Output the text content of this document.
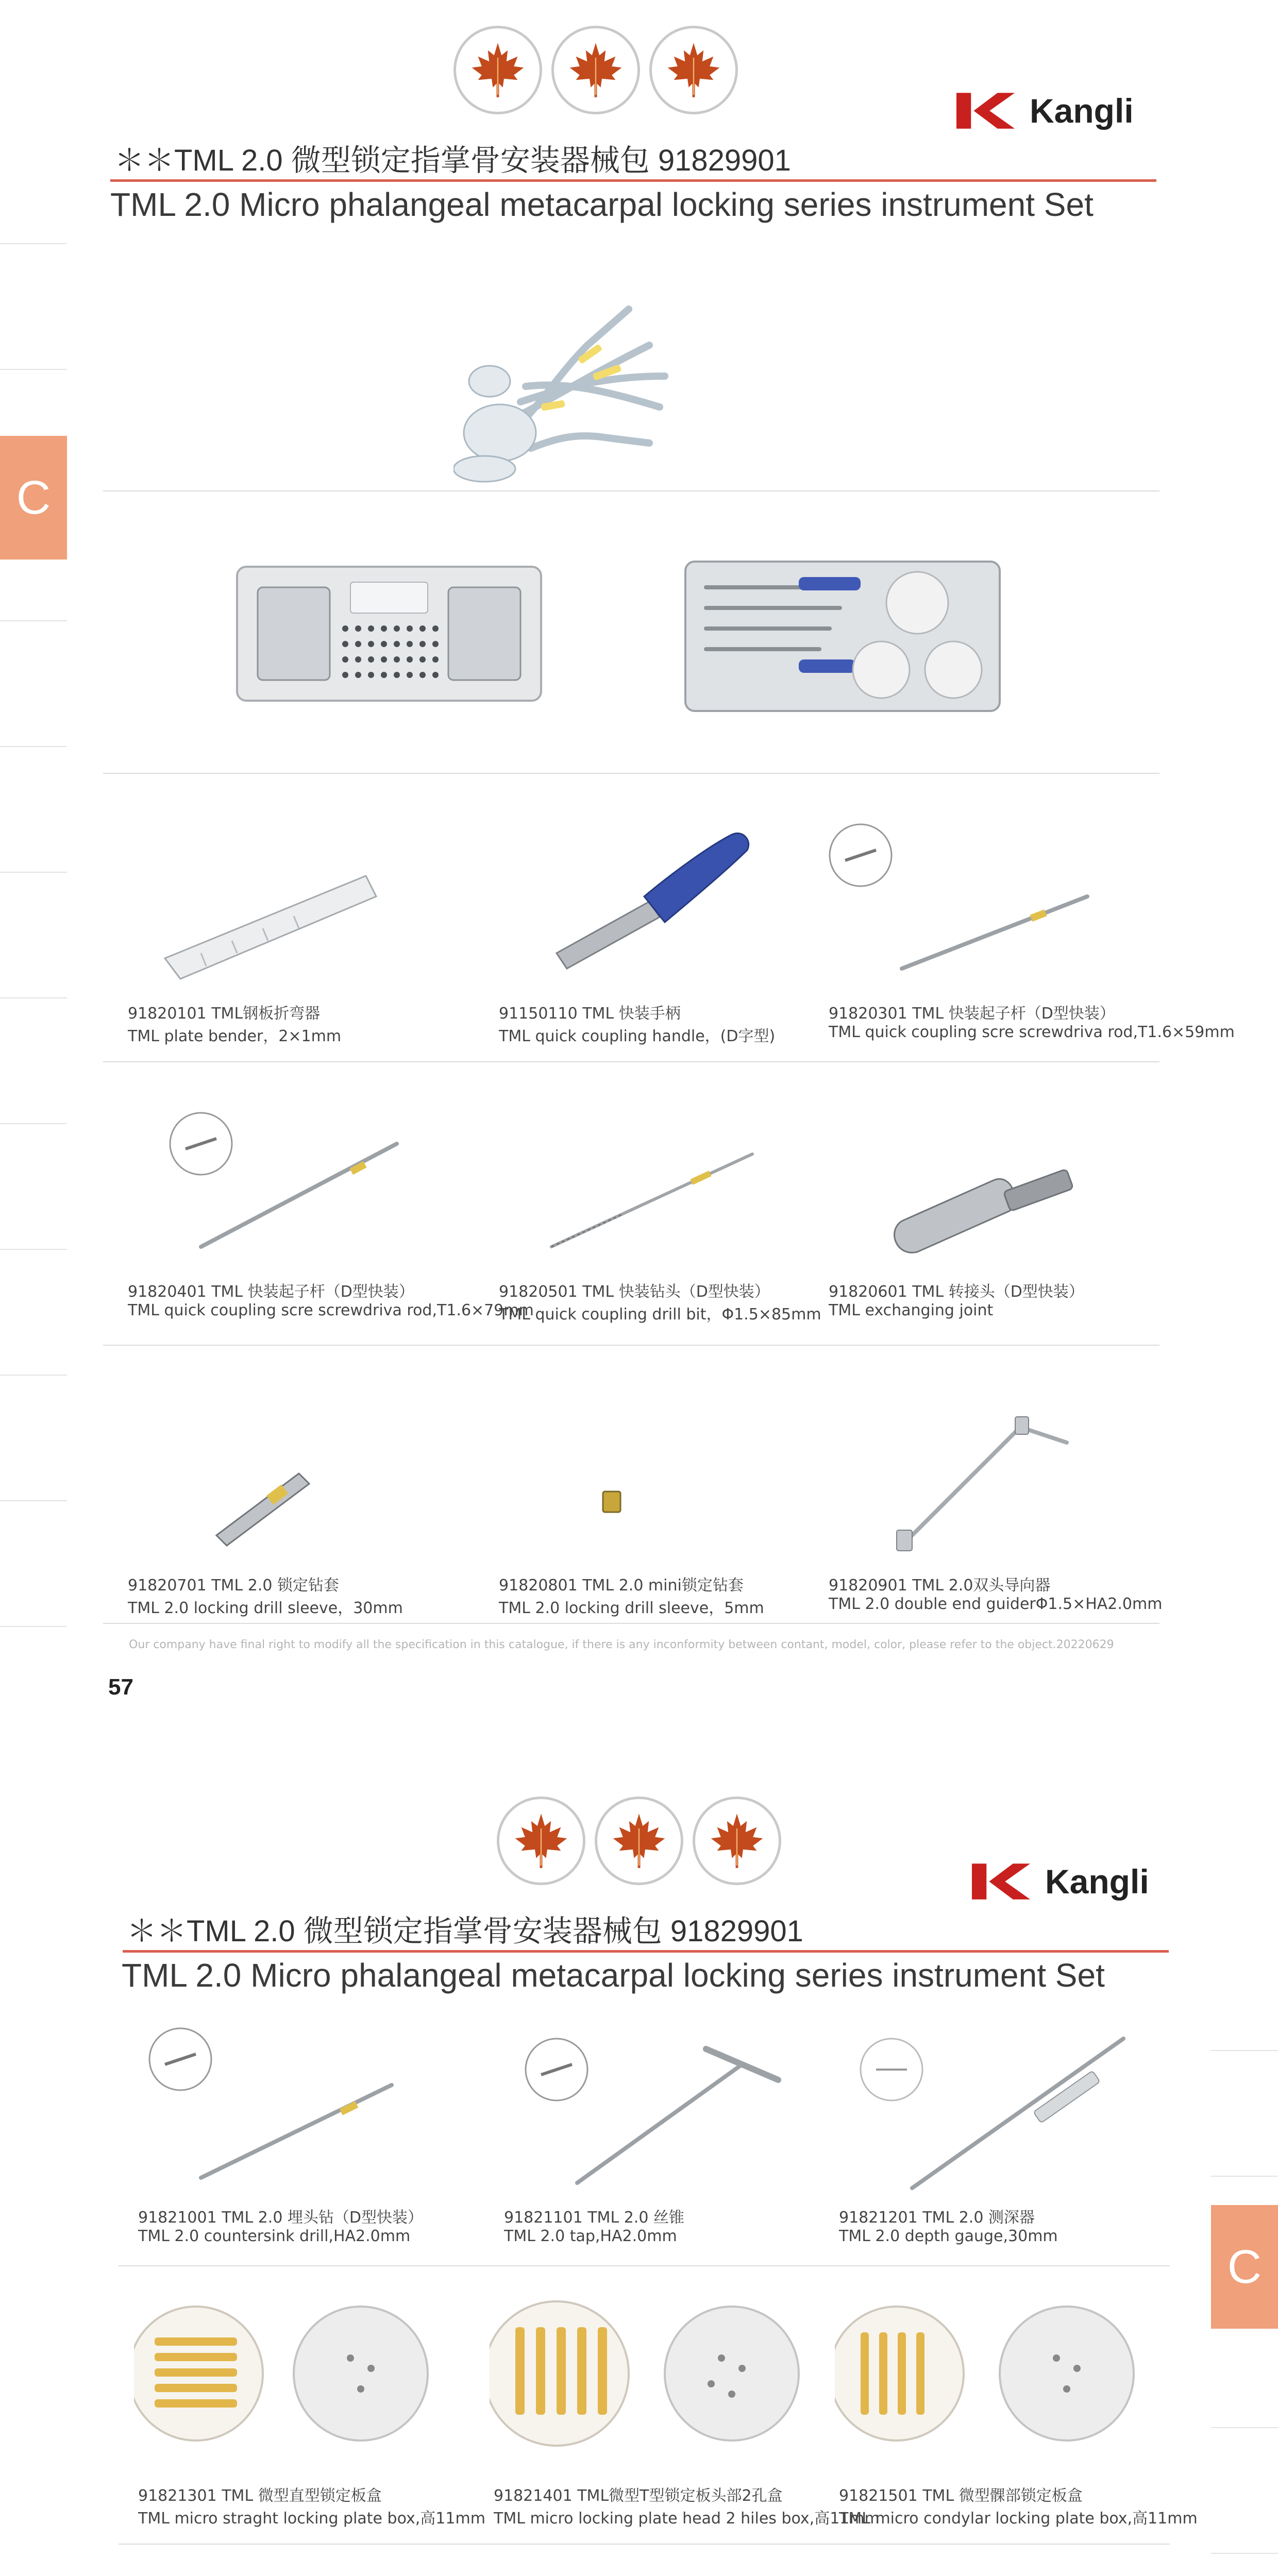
C
Kangli
＊＊TML 2.0 微型锁定指掌骨安装器械包 91829901
TML 2.0 Micro phalangeal metacarpal locking series instrument Set
91820101 TML钢板折弯器
TML plate bender，2×1mm
91150110 TML 快装手柄
TML quick coupling handle，(D字型)
91820301 TML 快装起子杆（D型快装）
TML quick coupling scre screwdriva rod,T1.6×59mm
91820401 TML 快装起子杆（D型快装）
TML quick coupling scre screwdriva rod,T1.6×79mm
91820501 TML 快装钻头（D型快装）
TML quick coupling drill bit，Φ1.5×85mm
91820601 TML 转接头（D型快装）
TML exchanging joint
91820701 TML 2.0 锁定钻套
TML 2.0 locking drill sleeve，30mm
91820801 TML 2.0 mini锁定钻套
TML 2.0 locking drill sleeve，5mm
91820901 TML 2.0双头导向器
TML 2.0 double end guiderΦ1.5×HA2.0mm
Our company have final right to modify all the specification in this catalogue, if there is any inconformity between contant, model, color, please refer to the object.20220629
57
C
Kangli
＊＊TML 2.0 微型锁定指掌骨安装器械包 91829901
TML 2.0 Micro phalangeal metacarpal locking series instrument Set
91821001 TML 2.0 埋头钻（D型快装）
TML 2.0 countersink drill,HA2.0mm
91821101 TML 2.0 丝锥
TML 2.0 tap,HA2.0mm
91821201 TML 2.0 测深器
TML 2.0 depth gauge,30mm
91821301 TML 微型直型锁定板盒
TML micro straght locking plate box,高11mm
91821401 TML微型T型锁定板头部2孔盒
TML micro locking plate head 2 hiles box,高11mm
91821501 TML 微型髁部锁定板盒
TML micro condylar locking plate box,高11mm
